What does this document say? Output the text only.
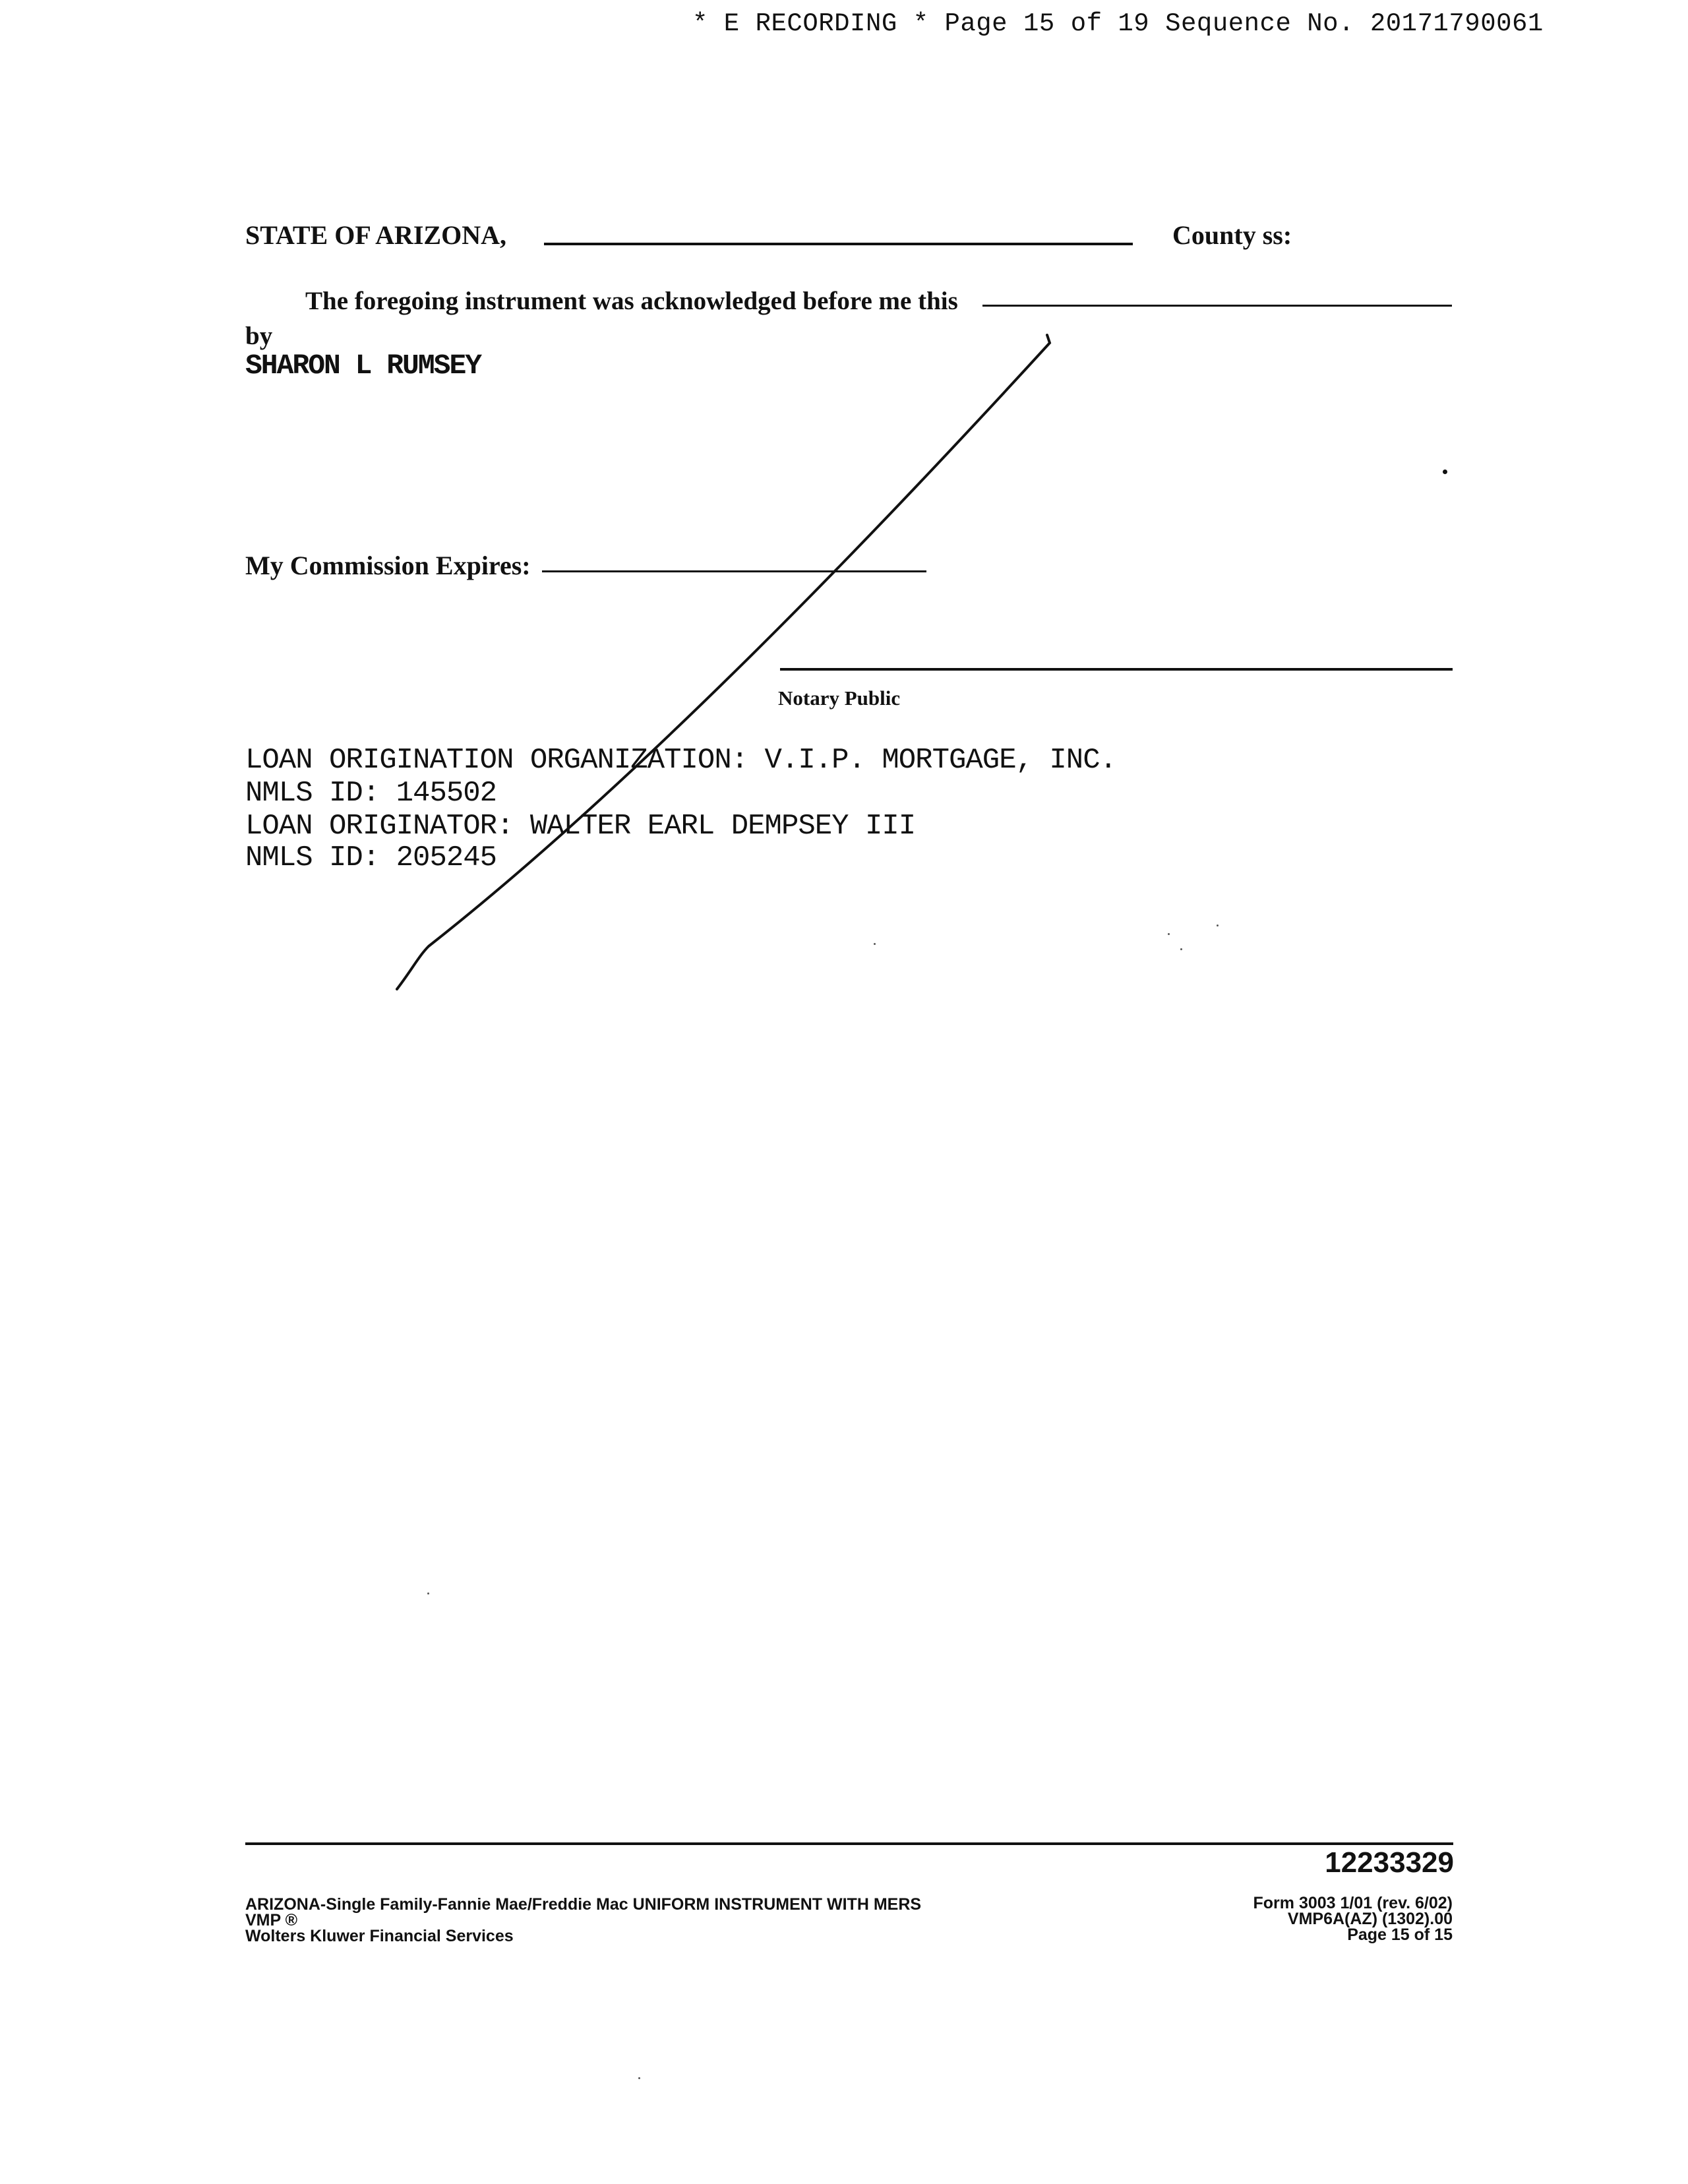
* E RECORDING * Page 15 of 19 Sequence No. 20171790061
STATE OF ARIZONA,	County ss:
The foregoing instrument was acknowledged before me this
by
SHARON L RUMSEY
My Commission Expires:
Notary Public
LOAN ORIGINATION ORGANIZATION: V.I.P. MORTGAGE, INC.
NMLS ID: 145502
LOAN ORIGINATOR: WALTER EARL DEMPSEY III
NMLS ID: 205245
12233329
ARIZONA-Single Family-Fannie Mae/Freddie Mac UNIFORM INSTRUMENT WITH MERS
VMP ®
Wolters Kluwer Financial Services
Form 3003 1/01 (rev. 6/02)
VMP6A(AZ) (1302).00
Page 15 of 15
